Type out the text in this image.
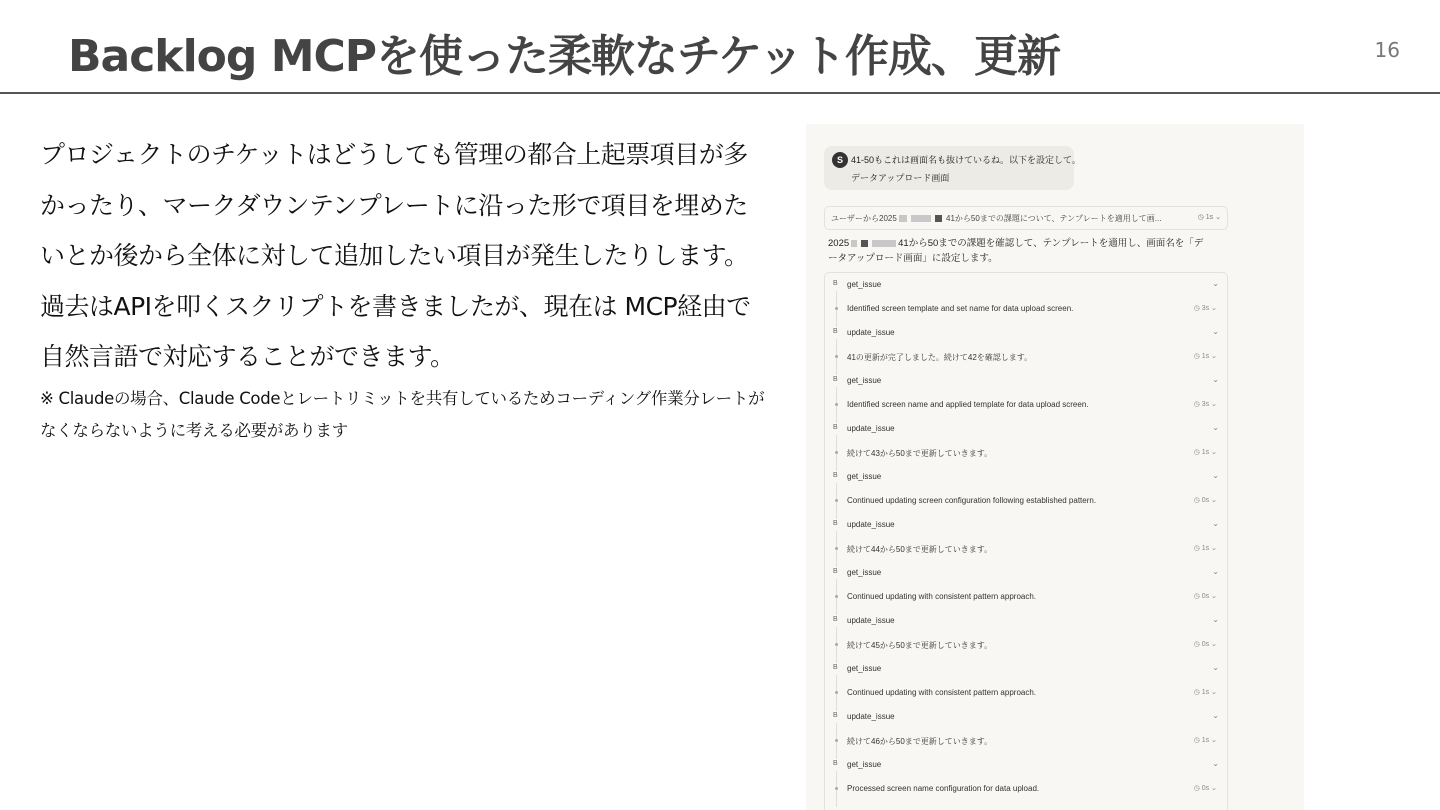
Backlog MCPを使った柔軟なチケット作成、更新	16

プロジェクトのチケットはどうしても管理の都合上起票項目が多かったり、マークダウンテンプレートに沿った形で項目を埋めたいとか後から全体に対して追加したい項目が発生したりします。

過去はAPIを叩くスクリプトを書きましたが、現在は MCP経由で自然言語で対応することができます。

※ Claudeの場合、Claude Codeとレートリミットを共有しているためコーディング作業分レートがなくならないように考える必要があります

S 41-50もこれは画面名も抜けているね。以下を設定して。
データアップロード画面
ユーザーから2025	41から50までの課題について、テンプレートを適用して画...	◷ 1s ⌄
2025	41から50までの課題を確認して、テンプレートを適用し、画面名を「デ
ータアップロード画面」に設定します。
B get_issue	⌄
Identified screen template and set name for data upload screen.	◷ 3s ⌄
B update_issue	⌄
41の更新が完了しました。続けて42を確認します。	◷ 1s ⌄
B get_issue	⌄
Identified screen name and applied template for data upload screen.	◷ 3s ⌄
B update_issue	⌄
続けて43から50まで更新していきます。	◷ 1s ⌄
B get_issue	⌄
Continued updating screen configuration following established pattern.	◷ 0s ⌄
B update_issue	⌄
続けて44から50まで更新していきます。	◷ 1s ⌄
B get_issue	⌄
Continued updating with consistent pattern approach.	◷ 0s ⌄
B update_issue	⌄
続けて45から50まで更新していきます。	◷ 0s ⌄
B get_issue	⌄
Continued updating with consistent pattern approach.	◷ 1s ⌄
B update_issue	⌄
続けて46から50まで更新していきます。	◷ 1s ⌄
B get_issue	⌄
Processed screen name configuration for data upload.	◷ 0s ⌄
